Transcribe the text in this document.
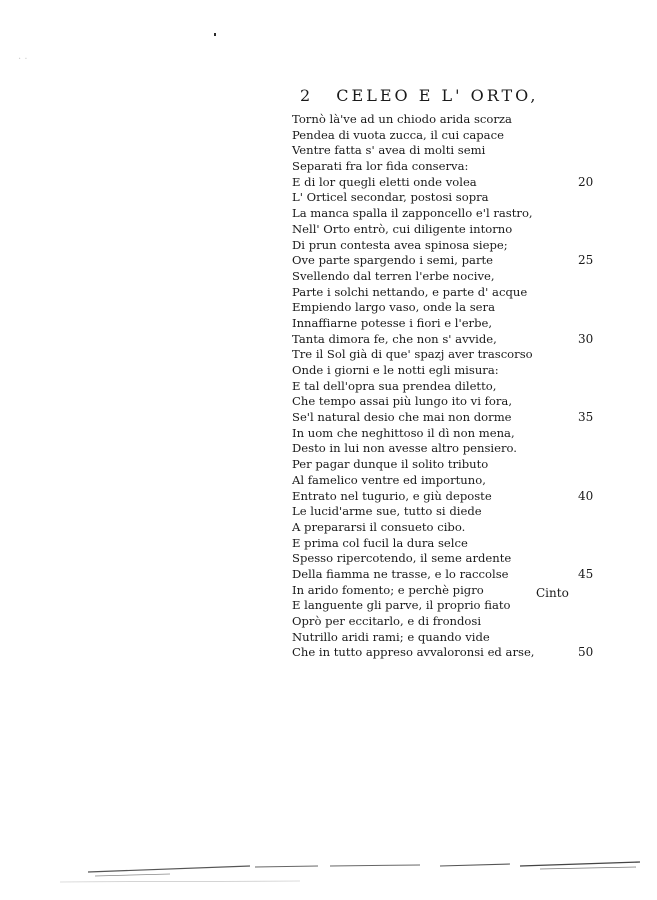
· ·
2 CELEO E L' ORTO,
Tornò là've ad un chiodo arida scorza
Pendea di vuota zucca, il cui capace
Ventre fatta s' avea di molti semi
Separati fra lor fida conserva:
E di lor quegli eletti onde volea	20
L' Orticel secondar, postosi sopra
La manca spalla il zapponcello e'l rastro,
Nell' Orto entrò, cui diligente intorno
Di prun contesta avea spinosa siepe;
Ove parte spargendo i semi, parte	25
Svellendo dal terren l'erbe nocive,
Parte i solchi nettando, e parte d' acque
Empiendo largo vaso, onde la sera
Innaffiarne potesse i fiori e l'erbe,
Tanta dimora fe, che non s' avvide,	30
Tre il Sol già di que' spazj aver trascorso
Onde i giorni e le notti egli misura:
E tal dell'opra sua prendea diletto,
Che tempo assai più lungo ito vi fora,
Se'l natural desio che mai non dorme	35
In uom che neghittoso il dì non mena,
Desto in lui non avesse altro pensiero.
Per pagar dunque il solito tributo
Al famelico ventre ed importuno,
Entrato nel tugurio, e giù deposte	40
Le lucid'arme sue, tutto si diede
A prepararsi il consueto cibo.
E prima col fucil la dura selce
Spesso ripercotendo, il seme ardente
Della fiamma ne trasse, e lo raccolse	45
In arido fomento; e perchè pigro
E languente gli parve, il proprio fiato
Oprò per eccitarlo, e di frondosi
Nutrillo aridi rami; e quando vide
Che in tutto appreso avvaloronsi ed arse,	50
Cinto
